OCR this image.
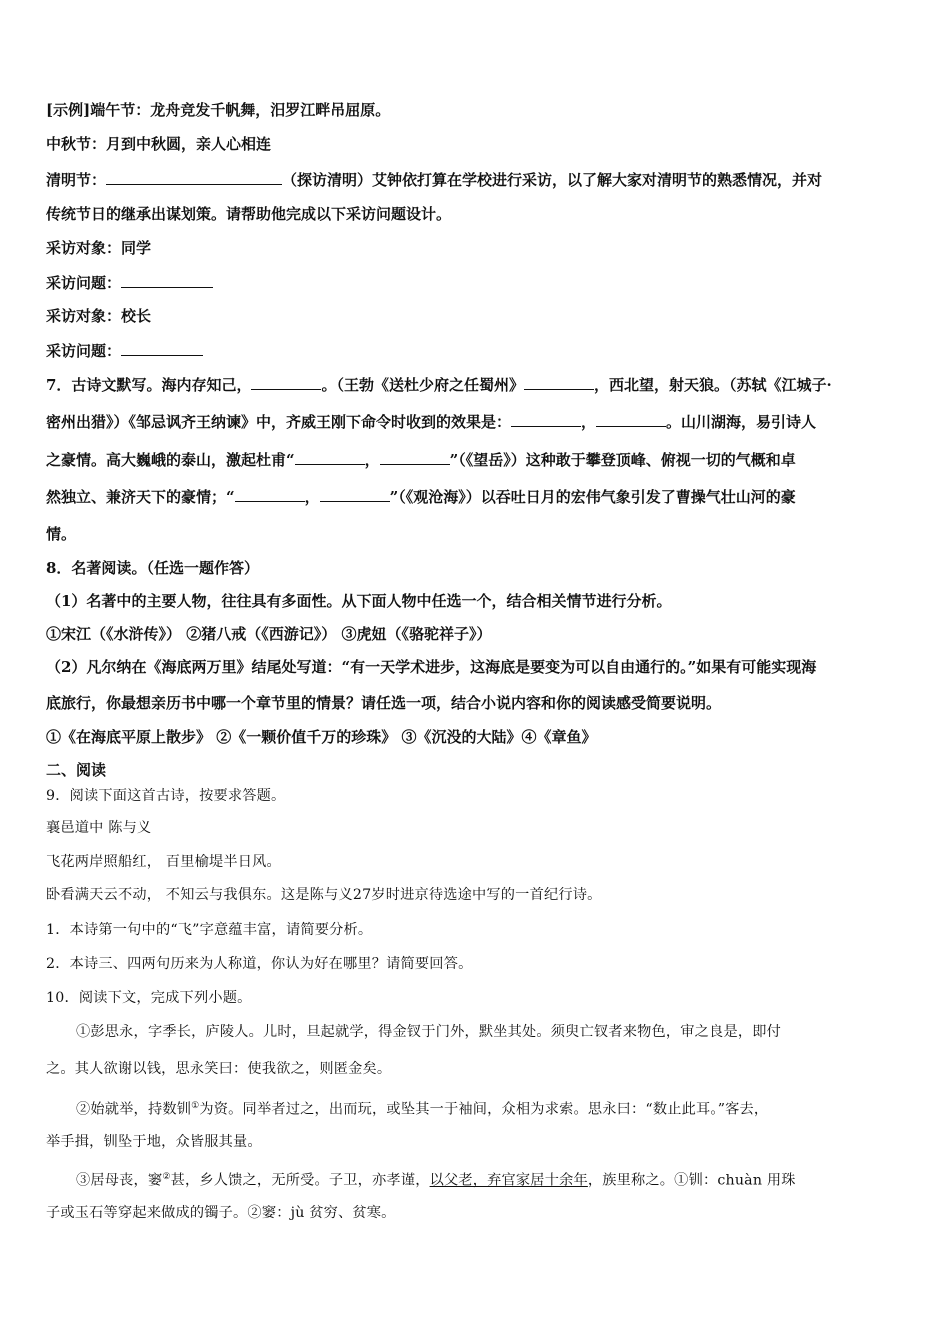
[示例]端午节：龙舟竞发千帆舞，汨罗江畔吊屈原。
中秋节：月到中秋圆，亲人心相连
清明节：	（探访清明）艾钟依打算在学校进行采访，以了解大家对清明节的熟悉情况，并对
传统节日的继承出谋划策。请帮助他完成以下采访问题设计。
采访对象：同学
采访问题：
采访对象：校长
采访问题：
7．古诗文默写。海内存知己，	。（王勃《送杜少府之任蜀州》	，西北望，射天狼。（苏轼《江城子·
密州出猎》）《邹忌讽齐王纳谏》中，齐威王刚下命令时收到的效果是：	，	。山川湖海，易引诗人
之豪情。高大巍峨的泰山，激起杜甫“	，	”（《望岳》）这种敢于攀登顶峰、俯视一切的气概和卓
然独立、兼济天下的豪情；“	，	”（《观沧海》）以吞吐日月的宏伟气象引发了曹操气壮山河的豪
情。
8．名著阅读。（任选一题作答）
（1）名著中的主要人物，往往具有多面性。从下面人物中任选一个，结合相关情节进行分析。
①宋江（《水浒传》） ②猪八戒（《西游记》） ③虎妞（《骆驼祥子》）
（2）凡尔纳在《海底两万里》结尾处写道：“有一天学术进步，这海底是要变为可以自由通行的。”如果有可能实现海
底旅行，你最想亲历书中哪一个章节里的情景？请任选一项，结合小说内容和你的阅读感受简要说明。
①《在海底平原上散步》 ②《一颗价值千万的珍珠》 ③《沉没的大陆》④《章鱼》
二、阅读
9．阅读下面这首古诗，按要求答题。
襄邑道中 陈与义
飞花两岸照船红， 百里榆堤半日风。
卧看满天云不动， 不知云与我俱东。这是陈与义27岁时进京待选途中写的一首纪行诗。
1．本诗第一句中的“飞”字意蕴丰富，请简要分析。
2．本诗三、四两句历来为人称道，你认为好在哪里？请简要回答。
10．阅读下文，完成下列小题。
①彭思永，字季长，庐陵人。儿时，旦起就学，得金钗于门外，默坐其处。须臾亡钗者来物色，审之良是，即付
之。其人欲谢以钱，思永笑曰：使我欲之，则匿金矣。
②始就举，持数钏①为资。同举者过之，出而玩，或坠其一于袖间，众相为求索。思永曰：“数止此耳。”客去，
举手揖，钏坠于地，众皆服其量。
③居母丧，窭②甚，乡人馈之，无所受。子卫，亦孝谨，以父老，弃官家居十余年，族里称之。①钏：chuàn 用珠
子或玉石等穿起来做成的镯子。②窭：jù 贫穷、贫寒。
